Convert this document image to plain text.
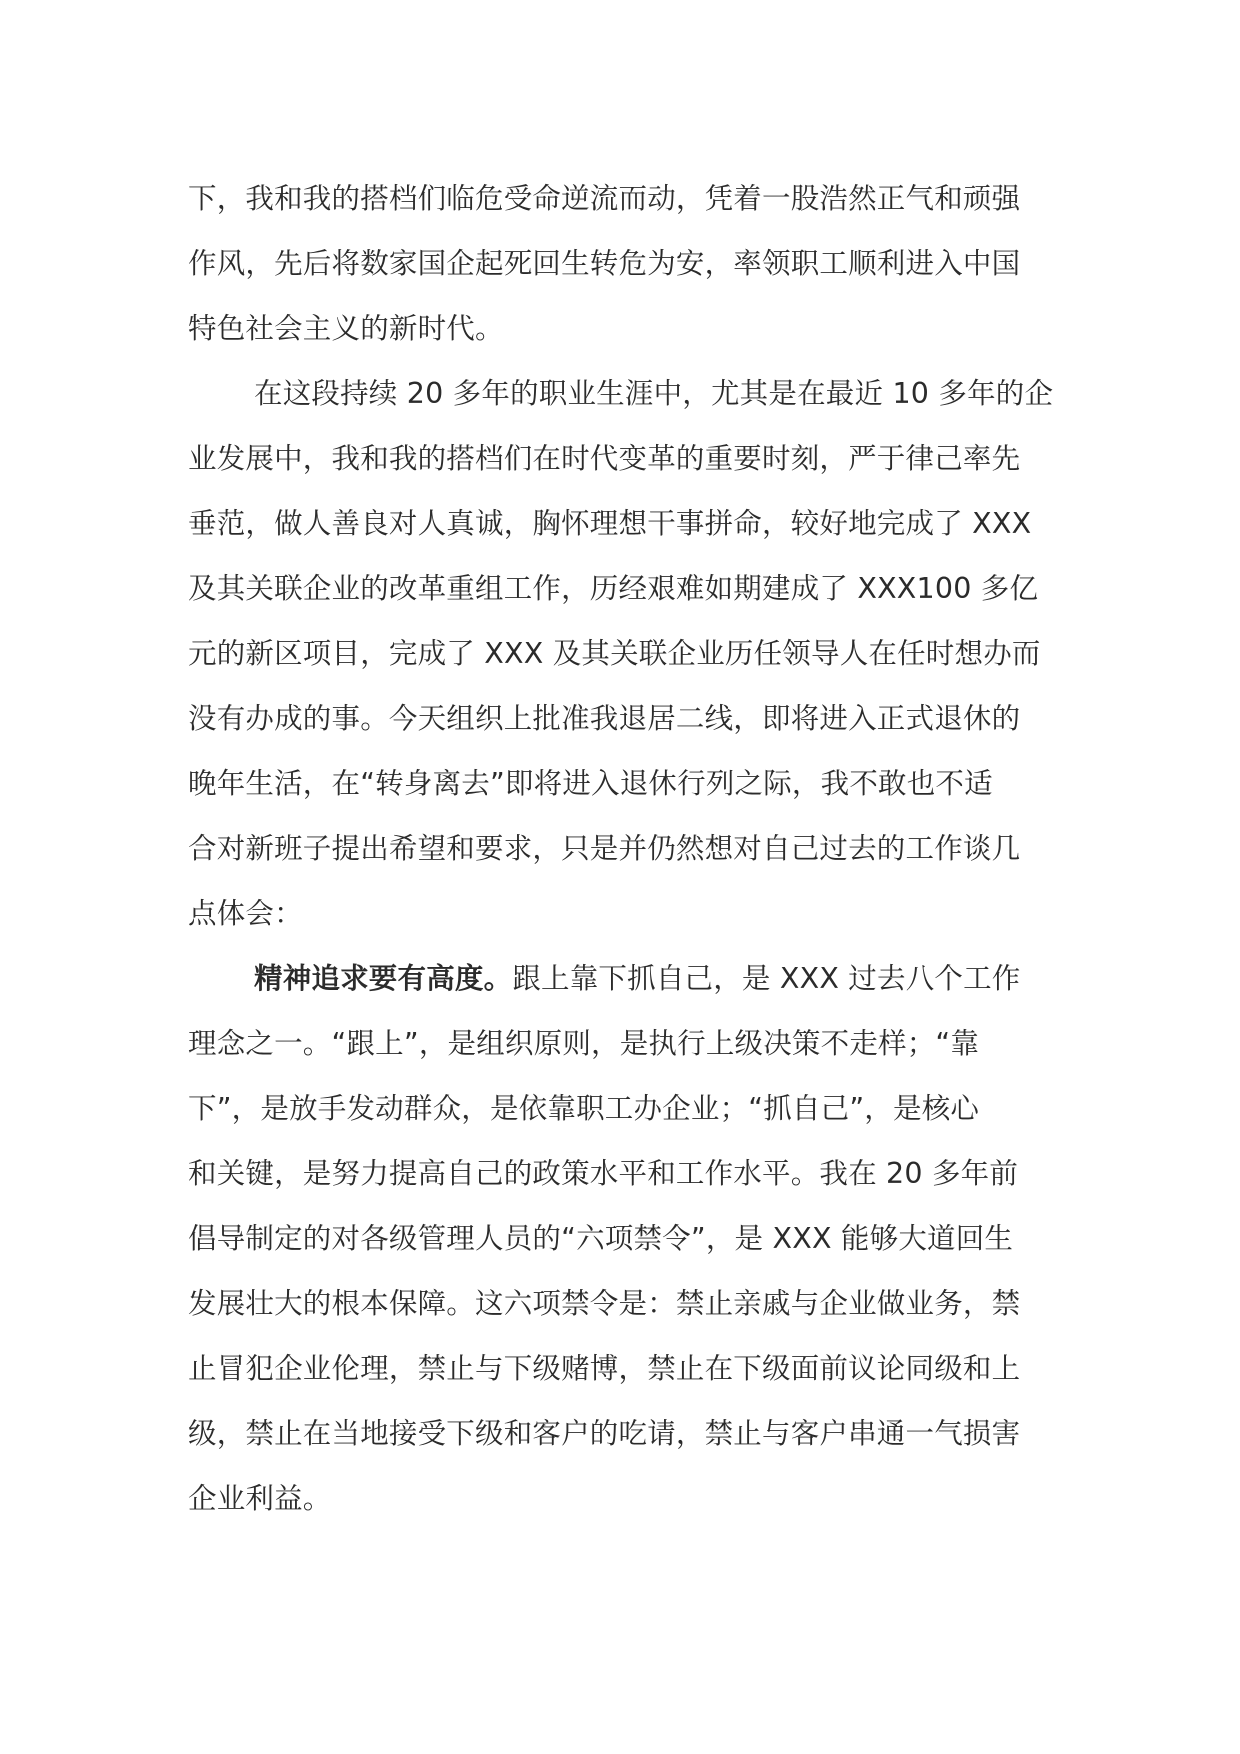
下，我和我的搭档们临危受命逆流而动，凭着一股浩然正气和顽强
作风，先后将数家国企起死回生转危为安，率领职工顺利进入中国
特色社会主义的新时代。

在这段持续 20 多年的职业生涯中，尤其是在最近 10 多年的企
业发展中，我和我的搭档们在时代变革的重要时刻，严于律己率先
垂范，做人善良对人真诚，胸怀理想干事拼命，较好地完成了 XXX
及其关联企业的改革重组工作，历经艰难如期建成了 XXX100 多亿
元的新区项目，完成了 XXX 及其关联企业历任领导人在任时想办而
没有办成的事。今天组织上批准我退居二线，即将进入正式退休的
晚年生活，在“转身离去”即将进入退休行列之际，我不敢也不适
合对新班子提出希望和要求，只是并仍然想对自己过去的工作谈几
点体会：

精神追求要有高度。跟上靠下抓自己，是 XXX 过去八个工作
理念之一。“跟上”，是组织原则，是执行上级决策不走样；“靠
下”，是放手发动群众，是依靠职工办企业；“抓自己”，是核心
和关键，是努力提高自己的政策水平和工作水平。我在 20 多年前
倡导制定的对各级管理人员的“六项禁令”，是 XXX 能够大道回生
发展壮大的根本保障。这六项禁令是：禁止亲戚与企业做业务，禁
止冒犯企业伦理，禁止与下级赌博，禁止在下级面前议论同级和上
级，禁止在当地接受下级和客户的吃请，禁止与客户串通一气损害
企业利益。
